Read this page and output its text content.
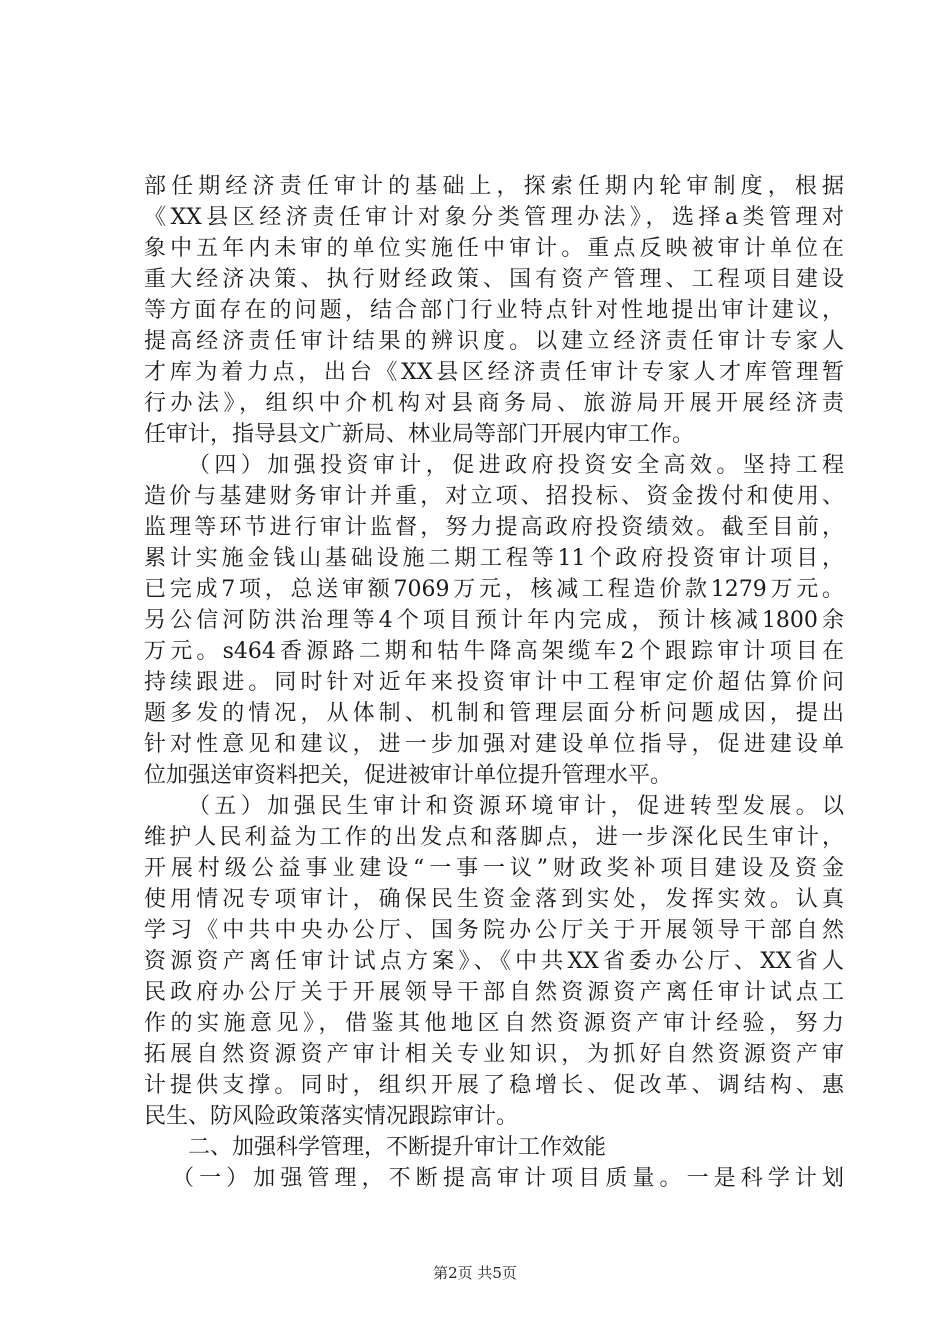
部任期经济责任审计的基础上，探索任期内轮审制度，根据
《XX县区经济责任审计对象分类管理办法》，选择a类管理对
象中五年内未审的单位实施任中审计。重点反映被审计单位在
重大经济决策、执行财经政策、国有资产管理、工程项目建设
等方面存在的问题，结合部门行业特点针对性地提出审计建议，
提高经济责任审计结果的辨识度。以建立经济责任审计专家人
才库为着力点，出台《XX县区经济责任审计专家人才库管理暂
行办法》，组织中介机构对县商务局、旅游局开展开展经济责
任审计，指导县文广新局、林业局等部门开展内审工作。
（四）加强投资审计，促进政府投资安全高效。坚持工程
造价与基建财务审计并重，对立项、招投标、资金拨付和使用、
监理等环节进行审计监督，努力提高政府投资绩效。截至目前，
累计实施金钱山基础设施二期工程等11个政府投资审计项目，
已完成7项，总送审额7069万元，核减工程造价款1279万元。
另公信河防洪治理等4个项目预计年内完成，预计核减1800余
万元。s464香源路二期和牯牛降高架缆车2个跟踪审计项目在
持续跟进。同时针对近年来投资审计中工程审定价超估算价问
题多发的情况，从体制、机制和管理层面分析问题成因，提出
针对性意见和建议，进一步加强对建设单位指导，促进建设单
位加强送审资料把关，促进被审计单位提升管理水平。
（五）加强民生审计和资源环境审计，促进转型发展。以
维护人民利益为工作的出发点和落脚点，进一步深化民生审计，
开展村级公益事业建设“一事一议”财政奖补项目建设及资金
使用情况专项审计，确保民生资金落到实处，发挥实效。认真
学习《中共中央办公厅、国务院办公厅关于开展领导干部自然
资源资产离任审计试点方案》、《中共XX省委办公厅、XX省人
民政府办公厅关于开展领导干部自然资源资产离任审计试点工
作的实施意见》，借鉴其他地区自然资源资产审计经验，努力
拓展自然资源资产审计相关专业知识，为抓好自然资源资产审
计提供支撑。同时，组织开展了稳增长、促改革、调结构、惠
民生、防风险政策落实情况跟踪审计。
二、加强科学管理，不断提升审计工作效能
（一）加强管理，不断提高审计项目质量。一是科学计划
第2页 共5页
